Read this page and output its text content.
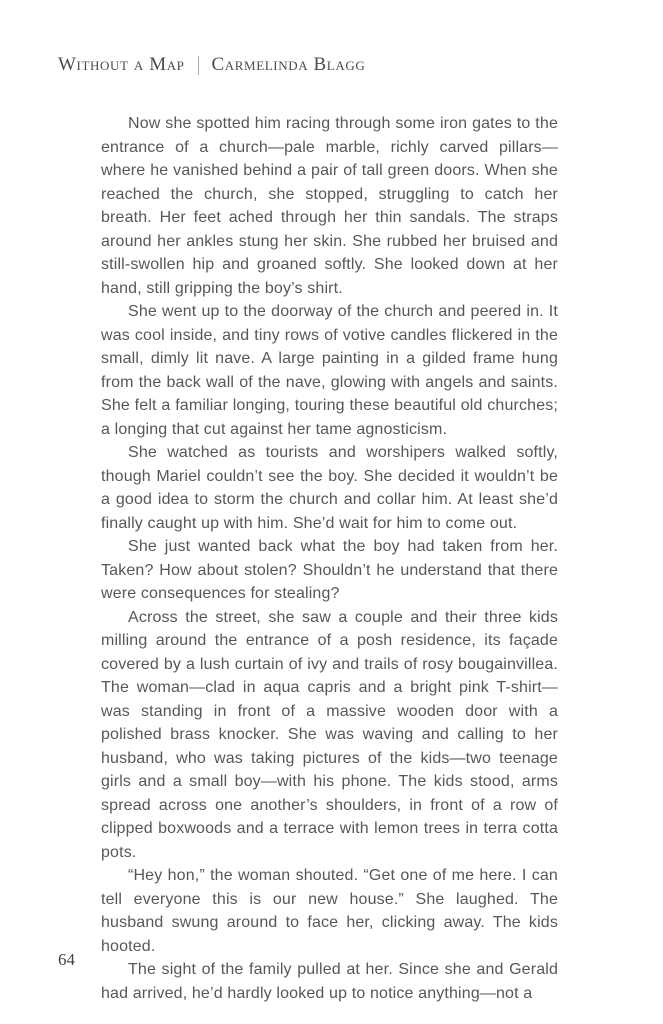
Without a Map Carmelinda Blagg

Now she spotted him racing through some iron gates to the entrance of a church—pale marble, richly carved pillars—where he vanished behind a pair of tall green doors. When she reached the church, she stopped, struggling to catch her breath. Her feet ached through her thin sandals. The straps around her ankles stung her skin. She rubbed her bruised and still-swollen hip and groaned softly. She looked down at her hand, still gripping the boy’s shirt.

She went up to the doorway of the church and peered in. It was cool inside, and tiny rows of votive candles flickered in the small, dimly lit nave. A large painting in a gilded frame hung from the back wall of the nave, glowing with angels and saints. She felt a familiar longing, touring these beautiful old churches; a longing that cut against her tame agnosticism.

She watched as tourists and worshipers walked softly, though Mariel couldn’t see the boy. She decided it wouldn’t be a good idea to storm the church and collar him. At least she’d finally caught up with him. She’d wait for him to come out.

She just wanted back what the boy had taken from her. Taken? How about stolen? Shouldn’t he understand that there were consequences for stealing?

Across the street, she saw a couple and their three kids milling around the entrance of a posh residence, its façade covered by a lush curtain of ivy and trails of rosy bougainvillea. The woman—clad in aqua capris and a bright pink T-shirt—was standing in front of a massive wooden door with a polished brass knocker. She was waving and calling to her husband, who was taking pictures of the kids—two teenage girls and a small boy—with his phone. The kids stood, arms spread across one another’s shoulders, in front of a row of clipped boxwoods and a terrace with lemon trees in terra cotta pots.

“Hey hon,” the woman shouted. “Get one of me here. I can tell everyone this is our new house.” She laughed. The husband swung around to face her, clicking away. The kids hooted.

The sight of the family pulled at her. Since she and Gerald had arrived, he’d hardly looked up to notice anything—not a

64
